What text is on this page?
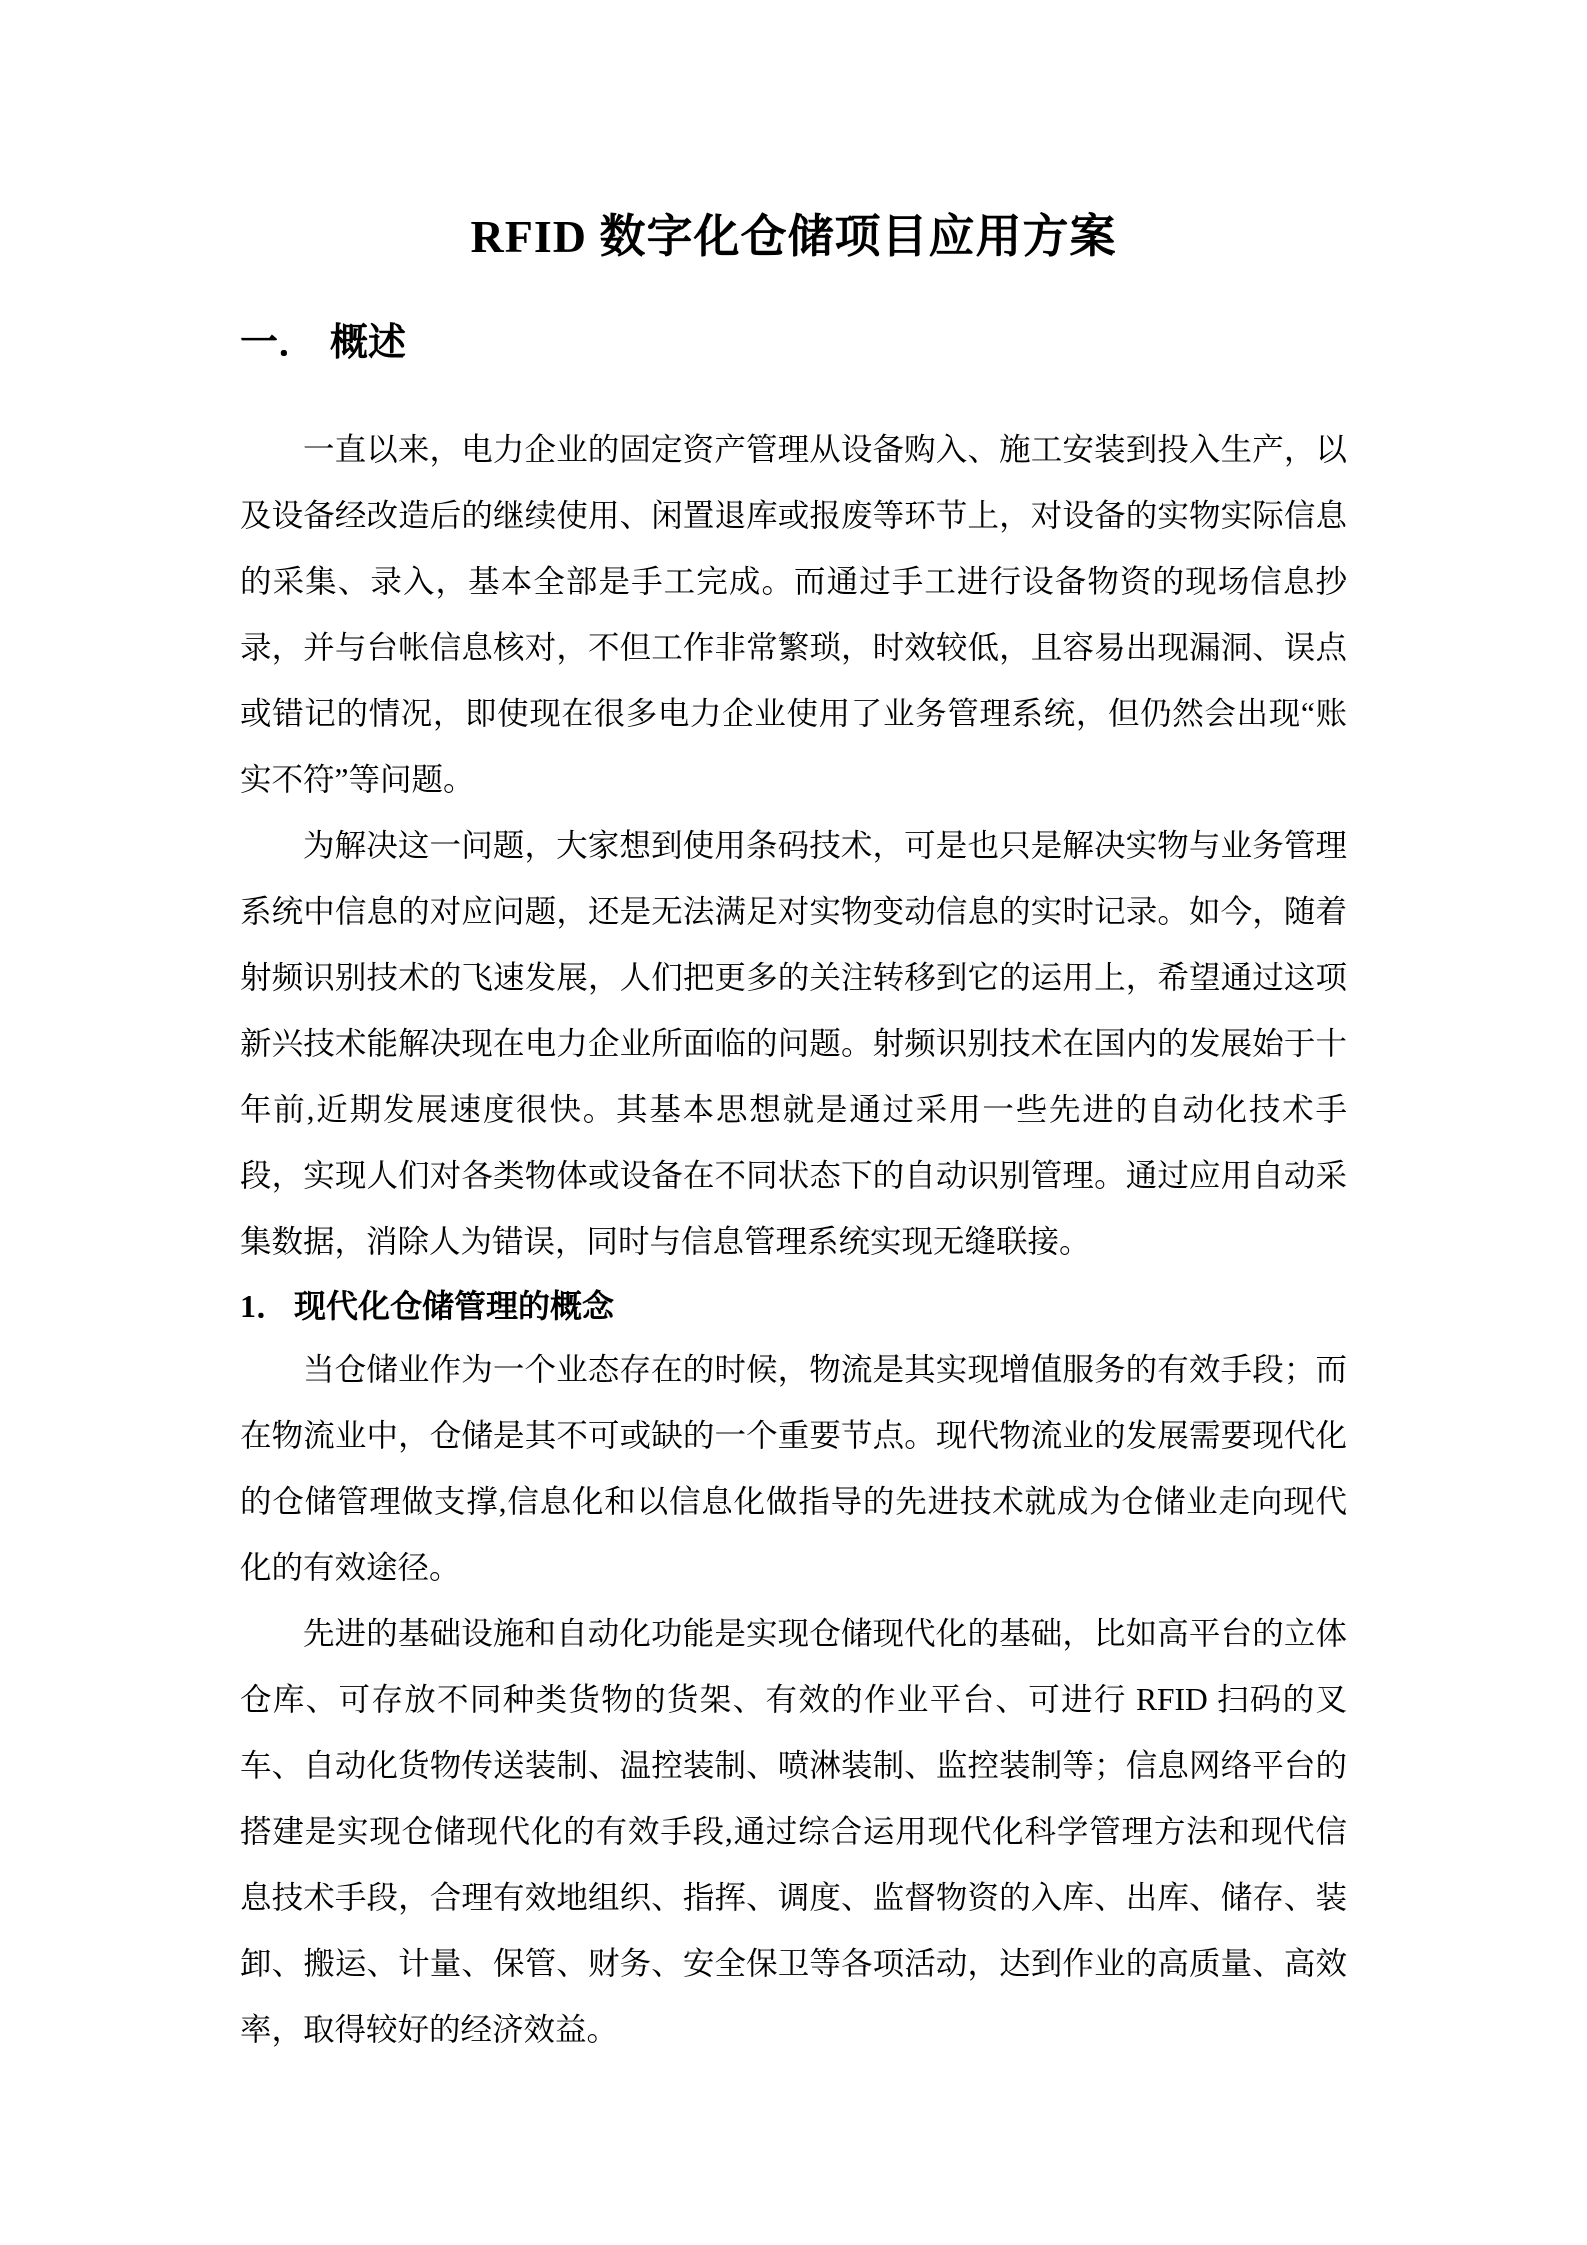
RFID 数字化仓储项目应用方案
一． 概述

一直以来，电力企业的固定资产管理从设备购入、施工安装到投入生产，以及设备经改造后的继续使用、闲置退库或报废等环节上，对设备的实物实际信息的采集、录入，基本全部是手工完成。而通过手工进行设备物资的现场信息抄录，并与台帐信息核对，不但工作非常繁琐，时效较低，且容易出现漏洞、误点或错记的情况，即使现在很多电力企业使用了业务管理系统，但仍然会出现“账实不符”等问题。

为解决这一问题，大家想到使用条码技术，可是也只是解决实物与业务管理系统中信息的对应问题，还是无法满足对实物变动信息的实时记录。如今，随着射频识别技术的飞速发展，人们把更多的关注转移到它的运用上，希望通过这项新兴技术能解决现在电力企业所面临的问题。射频识别技术在国内的发展始于十年前,近期发展速度很快。其基本思想就是通过采用一些先进的自动化技术手段，实现人们对各类物体或设备在不同状态下的自动识别管理。通过应用自动采集数据，消除人为错误，同时与信息管理系统实现无缝联接。

1． 现代化仓储管理的概念

当仓储业作为一个业态存在的时候，物流是其实现增值服务的有效手段；而在物流业中，仓储是其不可或缺的一个重要节点。现代物流业的发展需要现代化的仓储管理做支撑,信息化和以信息化做指导的先进技术就成为仓储业走向现代化的有效途径。

先进的基础设施和自动化功能是实现仓储现代化的基础，比如高平台的立体仓库、可存放不同种类货物的货架、有效的作业平台、可进行 RFID 扫码的叉车、自动化货物传送装制、温控装制、喷淋装制、监控装制等；信息网络平台的搭建是实现仓储现代化的有效手段,通过综合运用现代化科学管理方法和现代信息技术手段，合理有效地组织、指挥、调度、监督物资的入库、出库、储存、装卸、搬运、计量、保管、财务、安全保卫等各项活动，达到作业的高质量、高效率，取得较好的经济效益。
